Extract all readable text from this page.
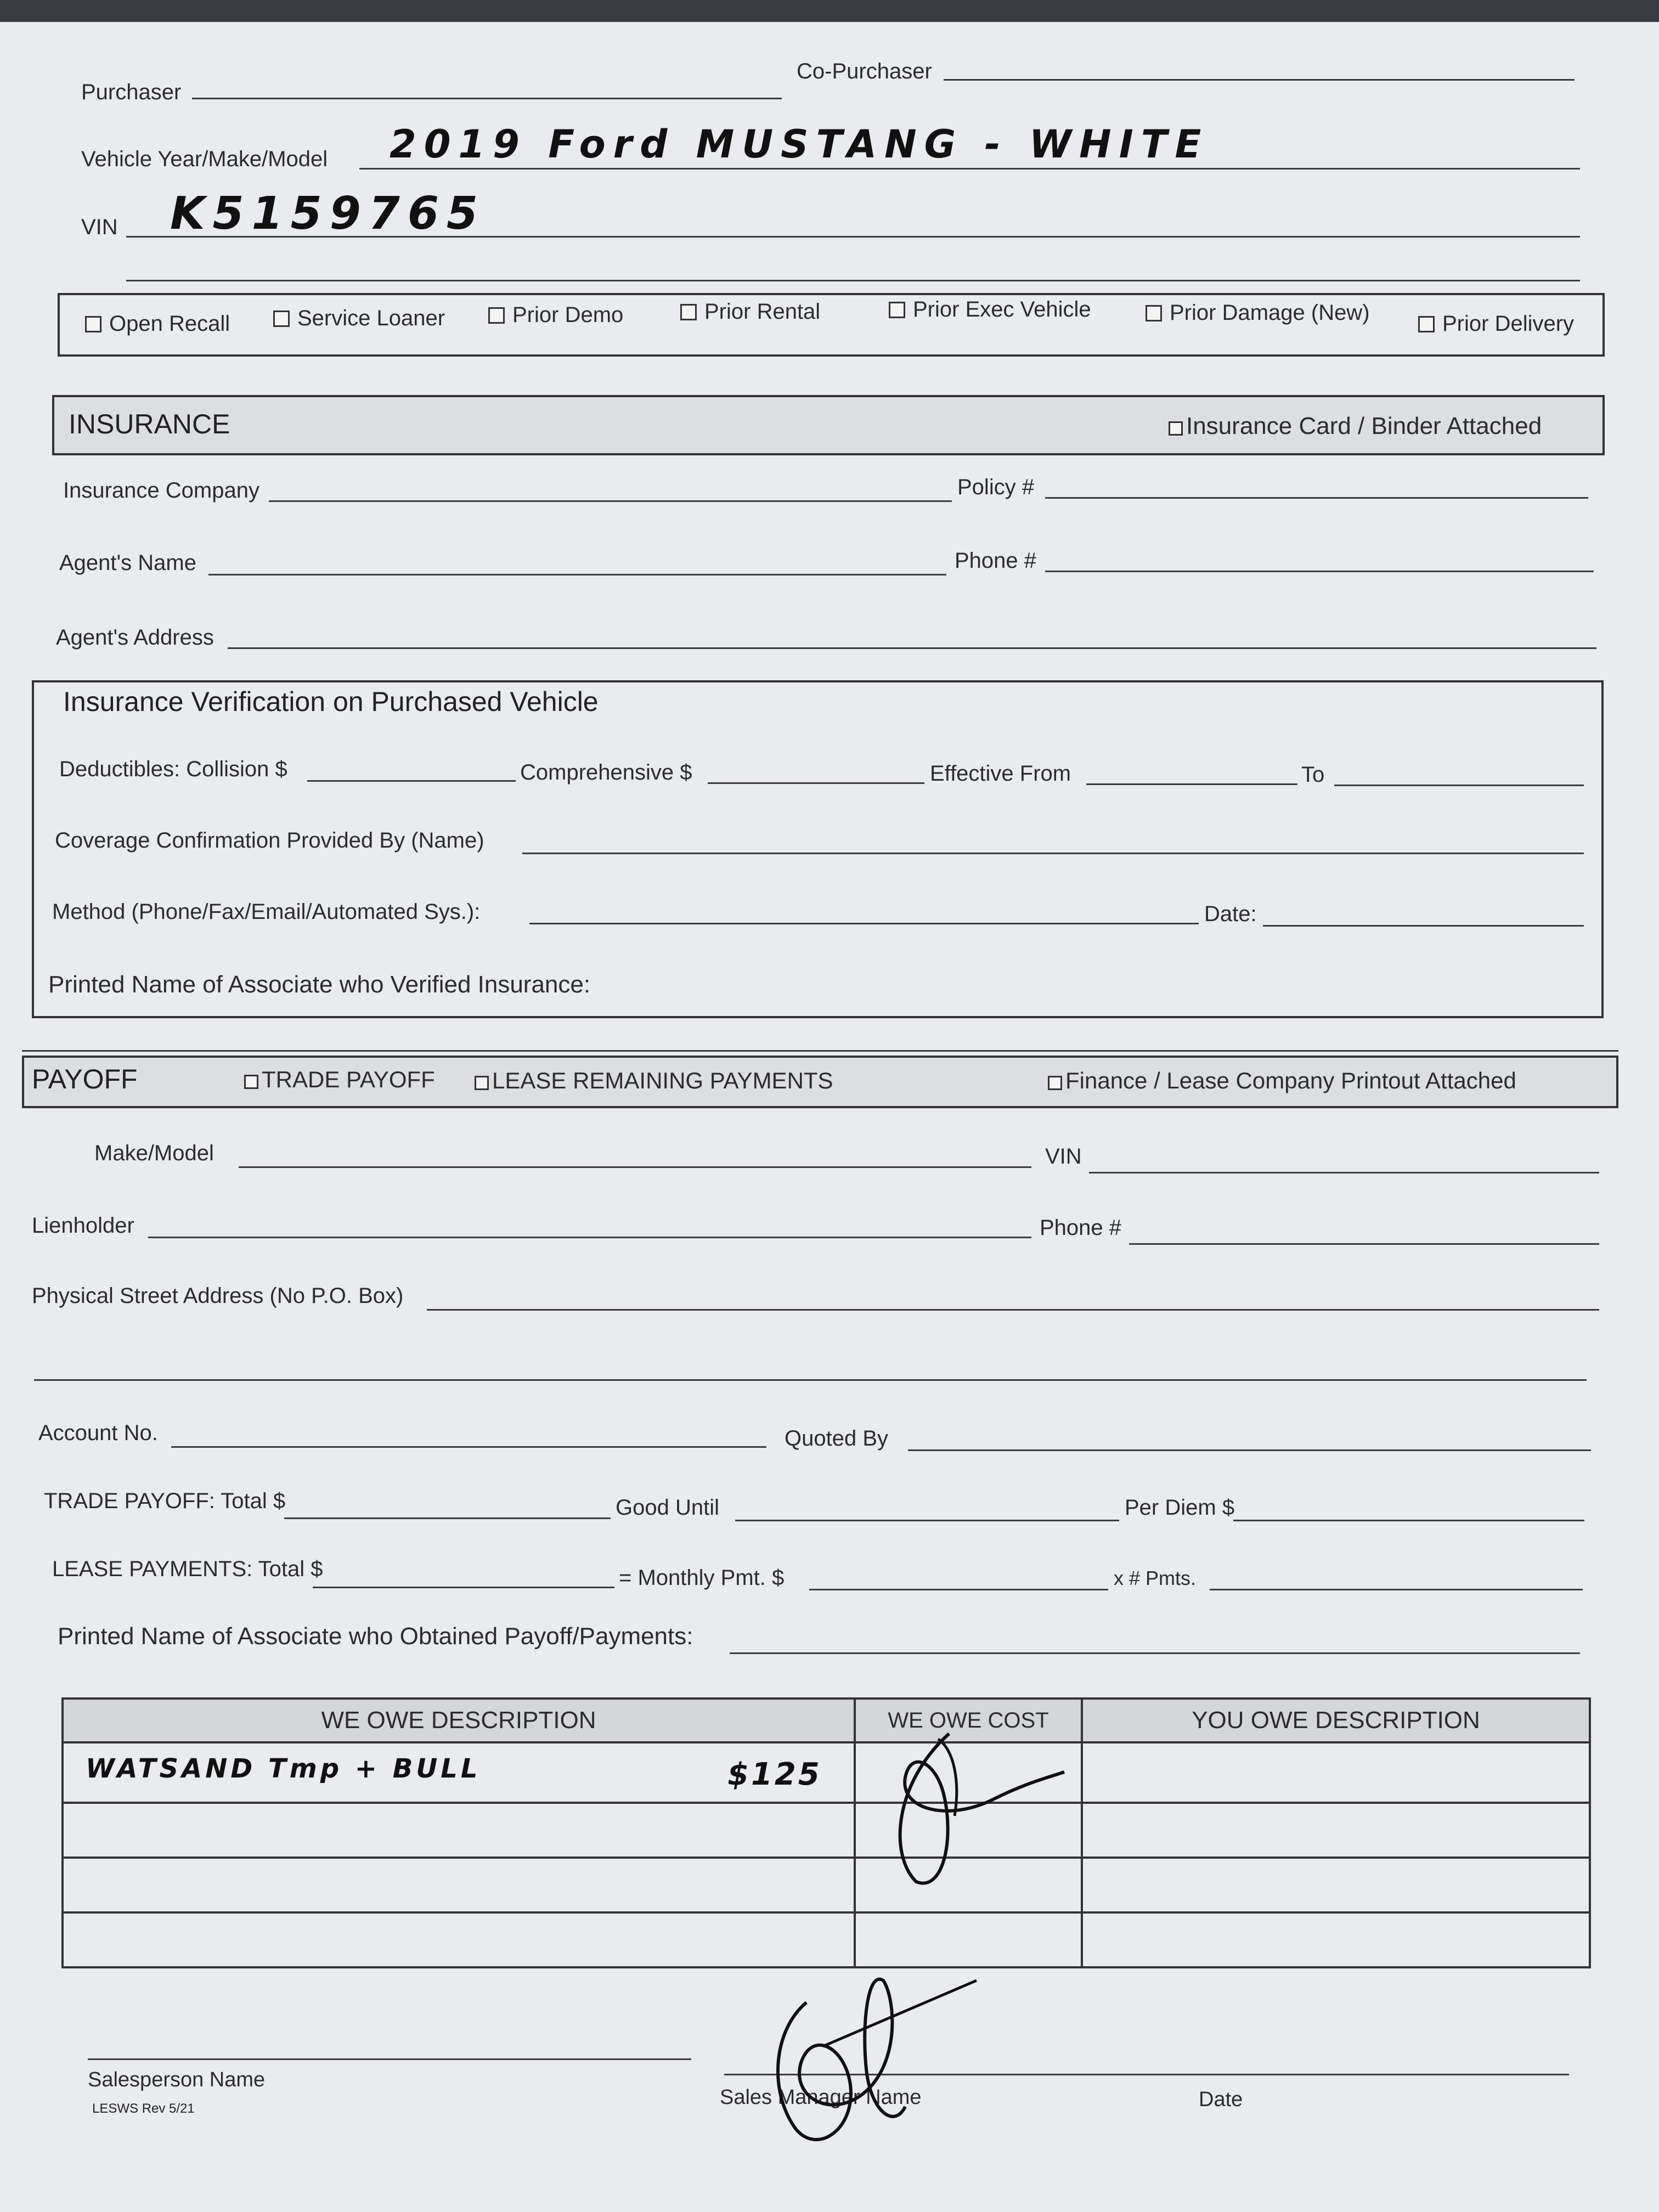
Purchaser
Co-Purchaser
Vehicle Year/Make/Model 2019 Ford MUSTANG - WHITE
VIN K5159765
Open Recall	Service Loaner	Prior Demo	Prior Rental	Prior Exec Vehicle	Prior Damage (New)	Prior Delivery
INSURANCE	Insurance Card / Binder Attached
Insurance Company	Policy #
Agent's Name	Phone #
Agent's Address
Insurance Verification on Purchased Vehicle
Deductibles: Collision $	Comprehensive $	Effective From	To
Coverage Confirmation Provided By (Name)
Method (Phone/Fax/Email/Automated Sys.):	Date:
Printed Name of Associate who Verified Insurance:
PAYOFF	TRADE PAYOFF	LEASE REMAINING PAYMENTS	Finance / Lease Company Printout Attached
Make/Model	VIN
Lienholder	Phone #
Physical Street Address (No P.O. Box)
Account No.	Quoted By
TRADE PAYOFF: Total $	Good Until	Per Diem $
LEASE PAYMENTS: Total $	= Monthly Pmt. $	x # Pmts.
Printed Name of Associate who Obtained Payoff/Payments:
WE OWE DESCRIPTION	WE OWE COST	YOU OWE DESCRIPTION

WATSAND Tmp + BULL $125		

Salesperson Name
Sales Manager Name	Date
LESWS Rev 5/21
